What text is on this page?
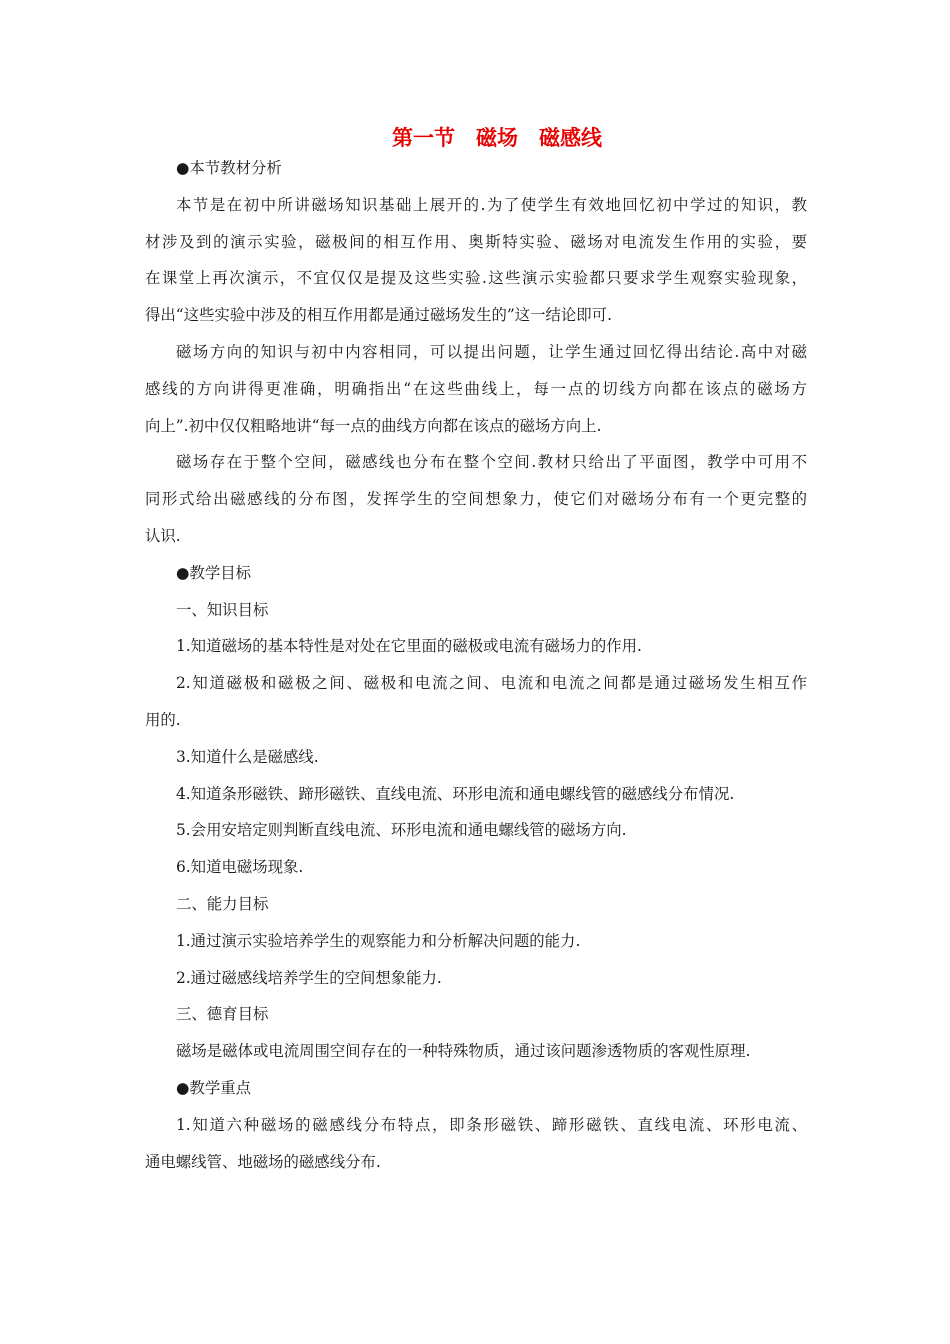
第一节　磁场　磁感线
●本节教材分析
本节是在初中所讲磁场知识基础上展开的.为了使学生有效地回忆初中学过的知识，教
材涉及到的演示实验，磁极间的相互作用、奥斯特实验、磁场对电流发生作用的实验，要
在课堂上再次演示，不宜仅仅是提及这些实验.这些演示实验都只要求学生观察实验现象，
得出“这些实验中涉及的相互作用都是通过磁场发生的”这一结论即可.
磁场方向的知识与初中内容相同，可以提出问题，让学生通过回忆得出结论.高中对磁
感线的方向讲得更准确，明确指出“在这些曲线上，每一点的切线方向都在该点的磁场方
向上”.初中仅仅粗略地讲“每一点的曲线方向都在该点的磁场方向上.
磁场存在于整个空间，磁感线也分布在整个空间.教材只给出了平面图，教学中可用不
同形式给出磁感线的分布图，发挥学生的空间想象力，使它们对磁场分布有一个更完整的
认识.
●教学目标
一、知识目标
1.知道磁场的基本特性是对处在它里面的磁极或电流有磁场力的作用.
2.知道磁极和磁极之间、磁极和电流之间、电流和电流之间都是通过磁场发生相互作
用的.
3.知道什么是磁感线.
4.知道条形磁铁、蹄形磁铁、直线电流、环形电流和通电螺线管的磁感线分布情况.
5.会用安培定则判断直线电流、环形电流和通电螺线管的磁场方向.
6.知道电磁场现象.
二、能力目标
1.通过演示实验培养学生的观察能力和分析解决问题的能力.
2.通过磁感线培养学生的空间想象能力.
三、德育目标
磁场是磁体或电流周围空间存在的一种特殊物质，通过该问题渗透物质的客观性原理.
●教学重点
1.知道六种磁场的磁感线分布特点，即条形磁铁、蹄形磁铁、直线电流、环形电流、
通电螺线管、地磁场的磁感线分布.
